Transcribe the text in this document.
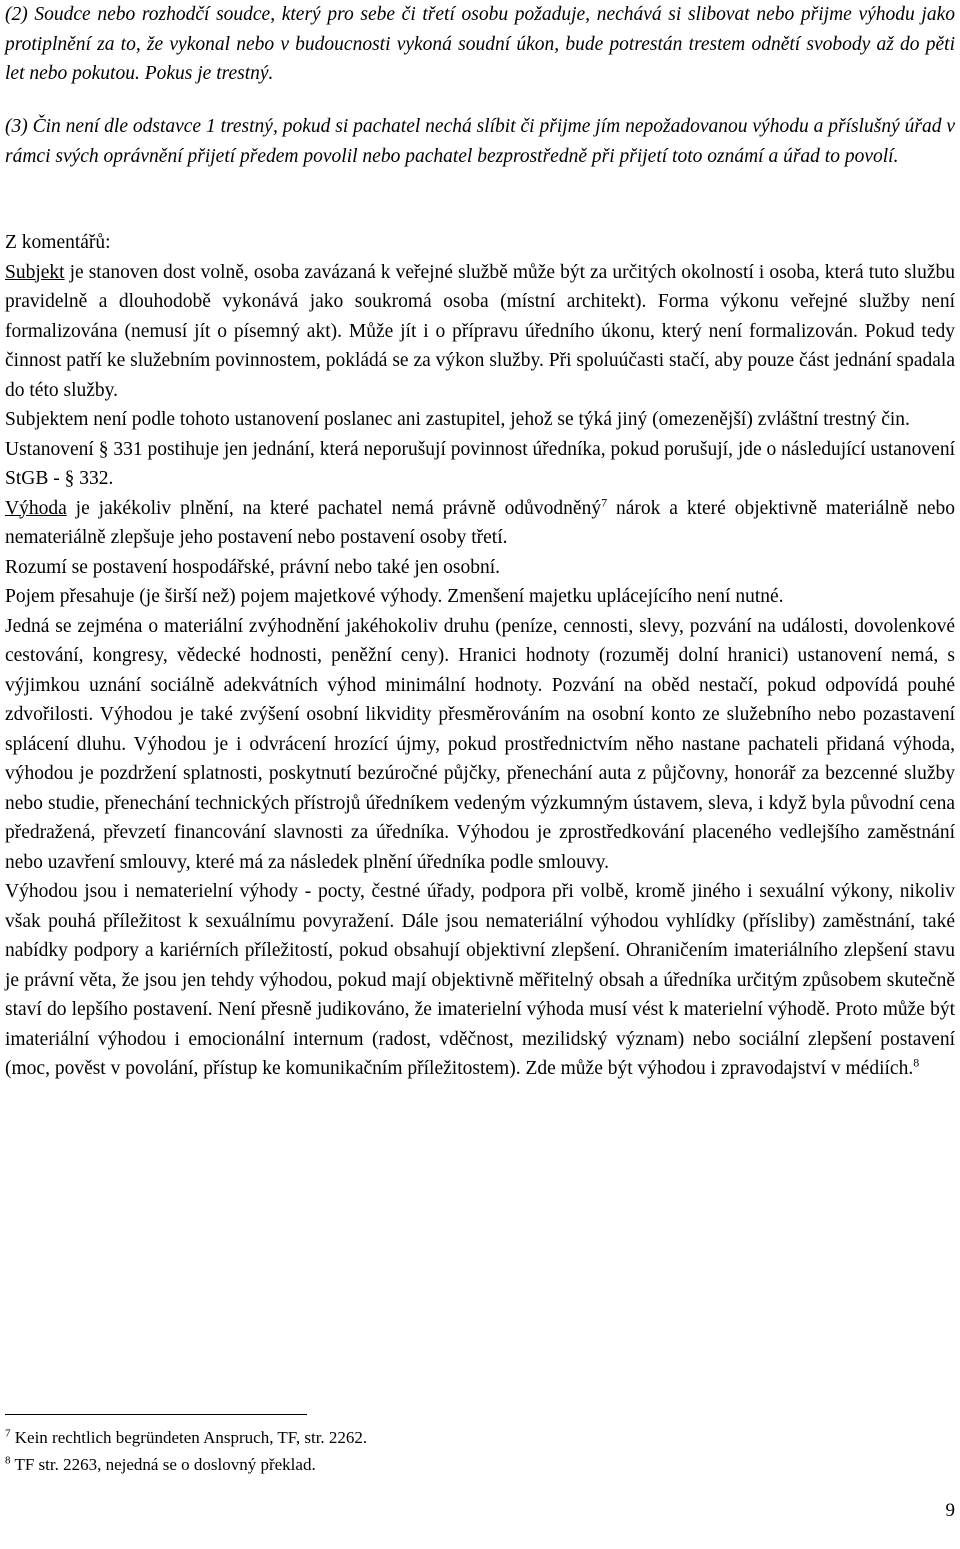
(2) Soudce nebo rozhodčí soudce, který pro sebe či třetí osobu požaduje, nechává si slibovat nebo přijme výhodu jako protiplnění za to, že vykonal nebo v budoucnosti vykoná soudní úkon, bude potrestán trestem odnětí svobody až do pěti let nebo pokutou. Pokus je trestný.

(3) Čin není dle odstavce 1 trestný, pokud si pachatel nechá slíbit či přijme jím nepožadovanou výhodu a příslušný úřad v rámci svých oprávnění přijetí předem povolil nebo pachatel bezprostředně při přijetí toto oznámí a úřad to povolí.

Z komentářů:

Subjekt je stanoven dost volně, osoba zavázaná k veřejné službě může být za určitých okolností i osoba, která tuto službu pravidelně a dlouhodobě vykonává jako soukromá osoba (místní architekt). Forma výkonu veřejné služby není formalizována (nemusí jít o písemný akt). Může jít i o přípravu úředního úkonu, který není formalizován. Pokud tedy činnost patří ke služebním povinnostem, pokládá se za výkon služby. Při spoluúčasti stačí, aby pouze část jednání spadala do této služby.

Subjektem není podle tohoto ustanovení poslanec ani zastupitel, jehož se týká jiný (omezenější) zvláštní trestný čin.

Ustanovení § 331 postihuje jen jednání, která neporušují povinnost úředníka, pokud porušují, jde o následující ustanovení StGB - § 332.

Výhoda je jakékoliv plnění, na které pachatel nemá právně odůvodněný$^7$ nárok a které objektivně materiálně nebo nemateriálně zlepšuje jeho postavení nebo postavení osoby třetí.

Rozumí se postavení hospodářské, právní nebo také jen osobní.

Pojem přesahuje (je širší než) pojem majetkové výhody. Zmenšení majetku uplácejícího není nutné.

Jedná se zejména o materiální zvýhodnění jakéhokoliv druhu (peníze, cennosti, slevy, pozvání na události, dovolenkové cestování, kongresy, vědecké hodnosti, peněžní ceny). Hranici hodnoty (rozuměj dolní hranici) ustanovení nemá, s výjimkou uznání sociálně adekvátních výhod minimální hodnoty. Pozvání na oběd nestačí, pokud odpovídá pouhé zdvořilosti. Výhodou je také zvýšení osobní likvidity přesměrováním na osobní konto ze služebního nebo pozastavení splácení dluhu. Výhodou je i odvrácení hrozící újmy, pokud prostřednictvím něho nastane pachateli přidaná výhoda, výhodou je pozdržení splatnosti, poskytnutí bezúročné půjčky, přenechání auta z půjčovny, honorář za bezcenné služby nebo studie, přenechání technických přístrojů úředníkem vedeným výzkumným ústavem, sleva, i když byla původní cena předražená, převzetí financování slavnosti za úředníka. Výhodou je zprostředkování placeného vedlejšího zaměstnání nebo uzavření smlouvy, které má za následek plnění úředníka podle smlouvy.

Výhodou jsou i nematerielní výhody - pocty, čestné úřady, podpora při volbě, kromě jiného i sexuální výkony, nikoliv však pouhá příležitost k sexuálnímu povyražení. Dále jsou nemateriální výhodou vyhlídky (přísliby) zaměstnání, také nabídky podpory a kariérních příležitostí, pokud obsahují objektivní zlepšení. Ohraničením imateriálního zlepšení stavu je právní věta, že jsou jen tehdy výhodou, pokud mají objektivně měřitelný obsah a úředníka určitým způsobem skutečně staví do lepšího postavení. Není přesně judikováno, že imaterielní výhoda musí vést k materielní výhodě. Proto může být imateriální výhodou i emocionální internum (radost, vděčnost, mezilidský význam) nebo sociální zlepšení postavení (moc, pověst v povolání, přístup ke komunikačním příležitostem). Zde může být výhodou i zpravodajství v médiích.$^8$

$^7$ Kein rechtlich begründeten Anspruch, TF, str. 2262.

$^8$ TF str. 2263, nejedná se o doslovný překlad.

9
